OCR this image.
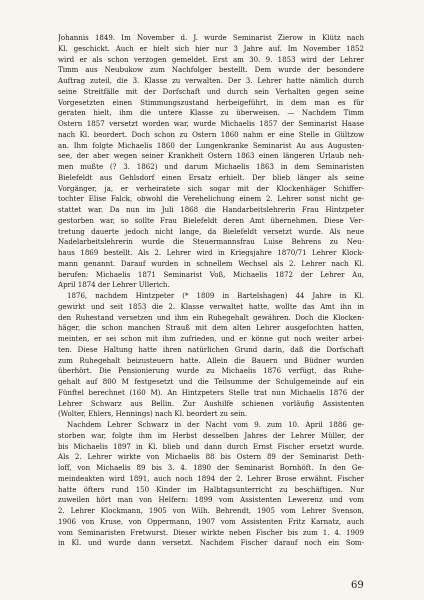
Johannis 1849. Im November d. J. wurde Seminarist Zierow in Klütz nach
Kl. geschickt. Auch er hielt sich hier nur 3 Jahre auf. Im November 1852
wird er als schon verzogen gemeldet. Erst am 30. 9. 1853 wird der Lehrer
Timm aus Neubukow zum Nachfolger bestellt. Dem wurde der besondere
Auftrag zuteil, die 3. Klasse zu verwalten. Der 3. Lehrer hatte nämlich durch
seine Streitfälle mit der Dorfschaft und durch sein Verhalten gegen seine
Vorgesetzten einen Stimmungszustand herbeigeführt, in dem man es für
geraten hielt, ihm die untere Klasse zu überweisen. — Nachdem Timm
Ostern 1857 versetzt worden war, wurde Michaelis 1857 der Seminarist Haase
nach Kl. beordert. Doch schon zu Ostern 1860 nahm er eine Stelle in Gültzow
an. Ihm folgte Michaelis 1860 der Lungenkranke Seminarist Au aus Augusten-
see, der aber wegen seiner Krankheit Ostern 1863 einen längeren Urlaub neh-
men mußte (? 3. 1862) und darum Michaelis 1863 in dem Seminaristen
Bielefeldt aus Gehlsdorf einen Ersatz erhielt. Der blieb länger als seine
Vorgänger, ja, er verheiratete sich sogar mit der Klockenhäger Schiffer-
tochter Elise Falck, obwohl die Verehelichung einem 2. Lehrer sonst nicht ge-
stattet war. Da nun im Juli 1868 die Handarbeitslehrerin Frau Hintzpeter
gestorben war, so sollte Frau Bielefeldt deren Amt übernehmen. Diese Ver-
tretung dauerte jedoch nicht lange, da Bielefeldt versetzt wurde. Als neue
Nadelarbeitslehrerin wurde die Steuermannsfrau Luise Behrens zu Neu-
haus 1869 bestellt. Als 2. Lehrer wird in Kriegsjahre 1870/71 Lehrer Klock-
mann genannt. Darauf wurden in schnellem Wechsel als 2. Lehrer nach Kl.
berufen: Michaelis 1871 Seminarist Voß, Michaelis 1872 der Lehrer Au,
April 1874 der Lehrer Ullerich.
1876, nachdem Hintzpeter (* 1809 in Bartelshagen) 44 Jahre in Kl.
gewirkt und seit 1853 die 2. Klasse verwaltet hatte, wollte das Amt ihn in
den Ruhestand versetzen und ihm ein Ruhegehalt gewähren. Doch die Klocken-
häger, die schon manchen Strauß mit dem alten Lehrer ausgefochten hatten,
meinten, er sei schon mit ihm zufrieden, und er könne gut noch weiter arbei-
ten. Diese Haltung hatte ihren natürlichen Grund darin, daß die Dorfschaft
zum Ruhegehalt beizusteuern hatte. Allein die Bauern und Büdner wurden
überhört. Die Pensionierung wurde zu Michaelis 1876 verfügt, das Ruhe-
gehalt auf 800 M festgesetzt und die Teilsumme der Schulgemeinde auf ein
Fünftel berechnet (160 M). An Hintzpeters Stelle trat nun Michaelis 1876 der
Lehrer Schwarz aus Bellin. Zur Aushilfe schienen vorläufig Assistenten
(Wolter, Ehlers, Hennings) nach Kl. beordert zu sein.
Nachdem Lehrer Schwarz in der Nacht vom 9. zum 10. April 1886 ge-
storben war, folgte ihm im Herbst desselben Jahres der Lehrer Müller, der
bis Michaelis 1897 in Kl. blieb und dann durch Ernst Fischer ersetzt wurde.
Als 2. Lehrer wirkte von Michaelis 88 bis Ostern 89 der Seminarist Deth-
loff, von Michaelis 89 bis 3. 4. 1890 der Seminarist Bornhöft. In den Ge-
meindeakten wird 1891, auch noch 1894 der 2. Lehrer Brose erwähnt. Fischer
hatte öfters rund 150 Kinder im Halbtagsunterricht zu beschäftigen. Nur
zuweilen hört man von Helfern: 1899 vom Assistenten Lewerenz und vom
2. Lehrer Klockmann, 1905 von Wilh. Behrendt, 1905 vom Lehrer Svenson,
1906 von Kruse, von Oppermann, 1907 vom Assistenten Fritz Karnatz, auch
vom Seminaristen Fretwurst. Dieser wirkte neben Fischer bis zum 1. 4. 1909
in Kl. und wurde dann versetzt. Nachdem Fischer darauf noch ein Som-
69
